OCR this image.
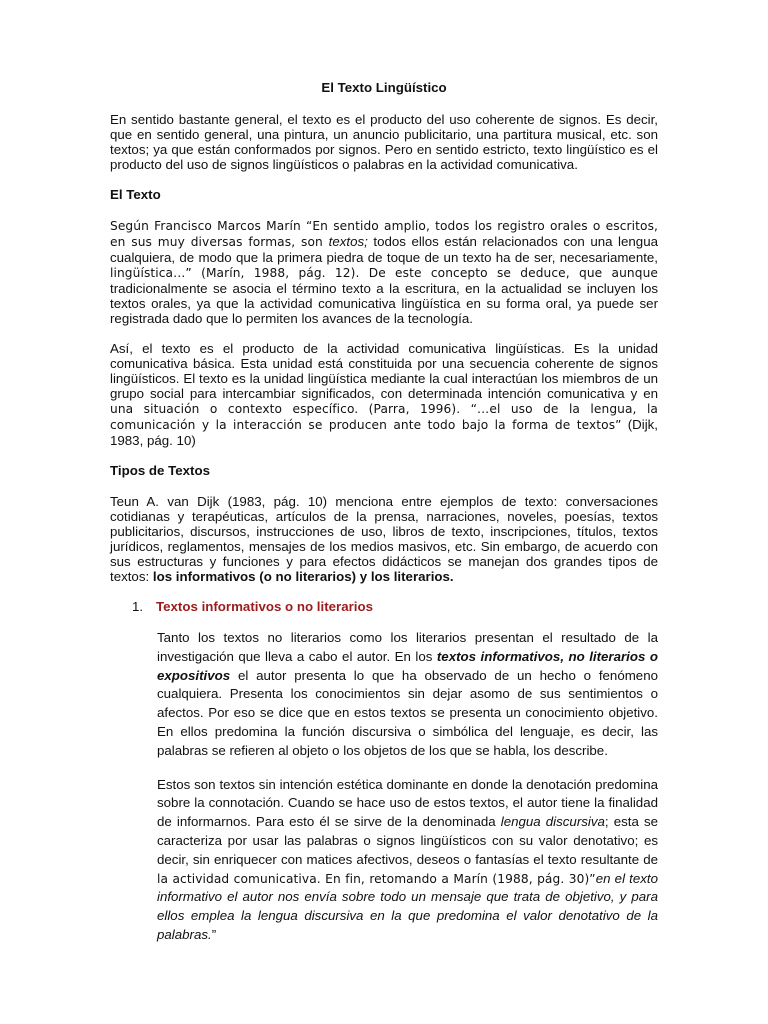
El Texto Lingüístico

En sentido bastante general, el texto es el producto del uso coherente de signos. Es decir, que en sentido general, una pintura, un anuncio publicitario, una partitura musical, etc. son textos; ya que están conformados por signos. Pero en sentido estricto, texto lingüístico es el producto del uso de signos lingüísticos o palabras en la actividad comunicativa.

El Texto

Según Francisco Marcos Marín “En sentido amplio, todos los registro orales o escritos, en sus muy diversas formas, son textos; todos ellos están relacionados con una lengua cualquiera, de modo que la primera piedra de toque de un texto ha de ser, necesariamente, lingüística…” (Marín, 1988, pág. 12). De este concepto se deduce, que aunque tradicionalmente se asocia el término texto a la escritura, en la actualidad se incluyen los textos orales, ya que la actividad comunicativa lingüística en su forma oral, ya puede ser registrada dado que lo permiten los avances de la tecnología.

Así, el texto es el producto de la actividad comunicativa lingüísticas. Es la unidad comunicativa básica. Esta unidad está constituida por una secuencia coherente de signos lingüísticos. El texto es la unidad lingüística mediante la cual interactúan los miembros de un grupo social para intercambiar significados, con determinada intención comunicativa y en una situación o contexto específico. (Parra, 1996). “…el uso de la lengua, la comunicación y la interacción se producen ante todo bajo la forma de textos” (Dijk, 1983, pág. 10)

Tipos de Textos

Teun A. van Dijk (1983, pág. 10) menciona entre ejemplos de texto: conversaciones cotidianas y terapéuticas, artículos de la prensa, narraciones, noveles, poesías, textos publicitarios, discursos, instrucciones de uso, libros de texto, inscripciones, títulos, textos jurídicos, reglamentos, mensajes de los medios masivos, etc. Sin embargo, de acuerdo con sus estructuras y funciones y para efectos didácticos se manejan dos grandes tipos de textos: los informativos (o no literarios) y los literarios.

1. Textos informativos o no literarios

Tanto los textos no literarios como los literarios presentan el resultado de la investigación que lleva a cabo el autor. En los textos informativos, no literarios o expositivos el autor presenta lo que ha observado de un hecho o fenómeno cualquiera. Presenta los conocimientos sin dejar asomo de sus sentimientos o afectos. Por eso se dice que en estos textos se presenta un conocimiento objetivo. En ellos predomina la función discursiva o simbólica del lenguaje, es decir, las palabras se refieren al objeto o los objetos de los que se habla, los describe.

Estos son textos sin intención estética dominante en donde la denotación predomina sobre la connotación. Cuando se hace uso de estos textos, el autor tiene la finalidad de informarnos. Para esto él se sirve de la denominada lengua discursiva; esta se caracteriza por usar las palabras o signos lingüísticos con su valor denotativo; es decir, sin enriquecer con matices afectivos, deseos o fantasías el texto resultante de la actividad comunicativa. En fin, retomando a Marín (1988, pág. 30)”en el texto informativo el autor nos envía sobre todo un mensaje que trata de objetivo, y para ellos emplea la lengua discursiva en la que predomina el valor denotativo de la palabras.”
